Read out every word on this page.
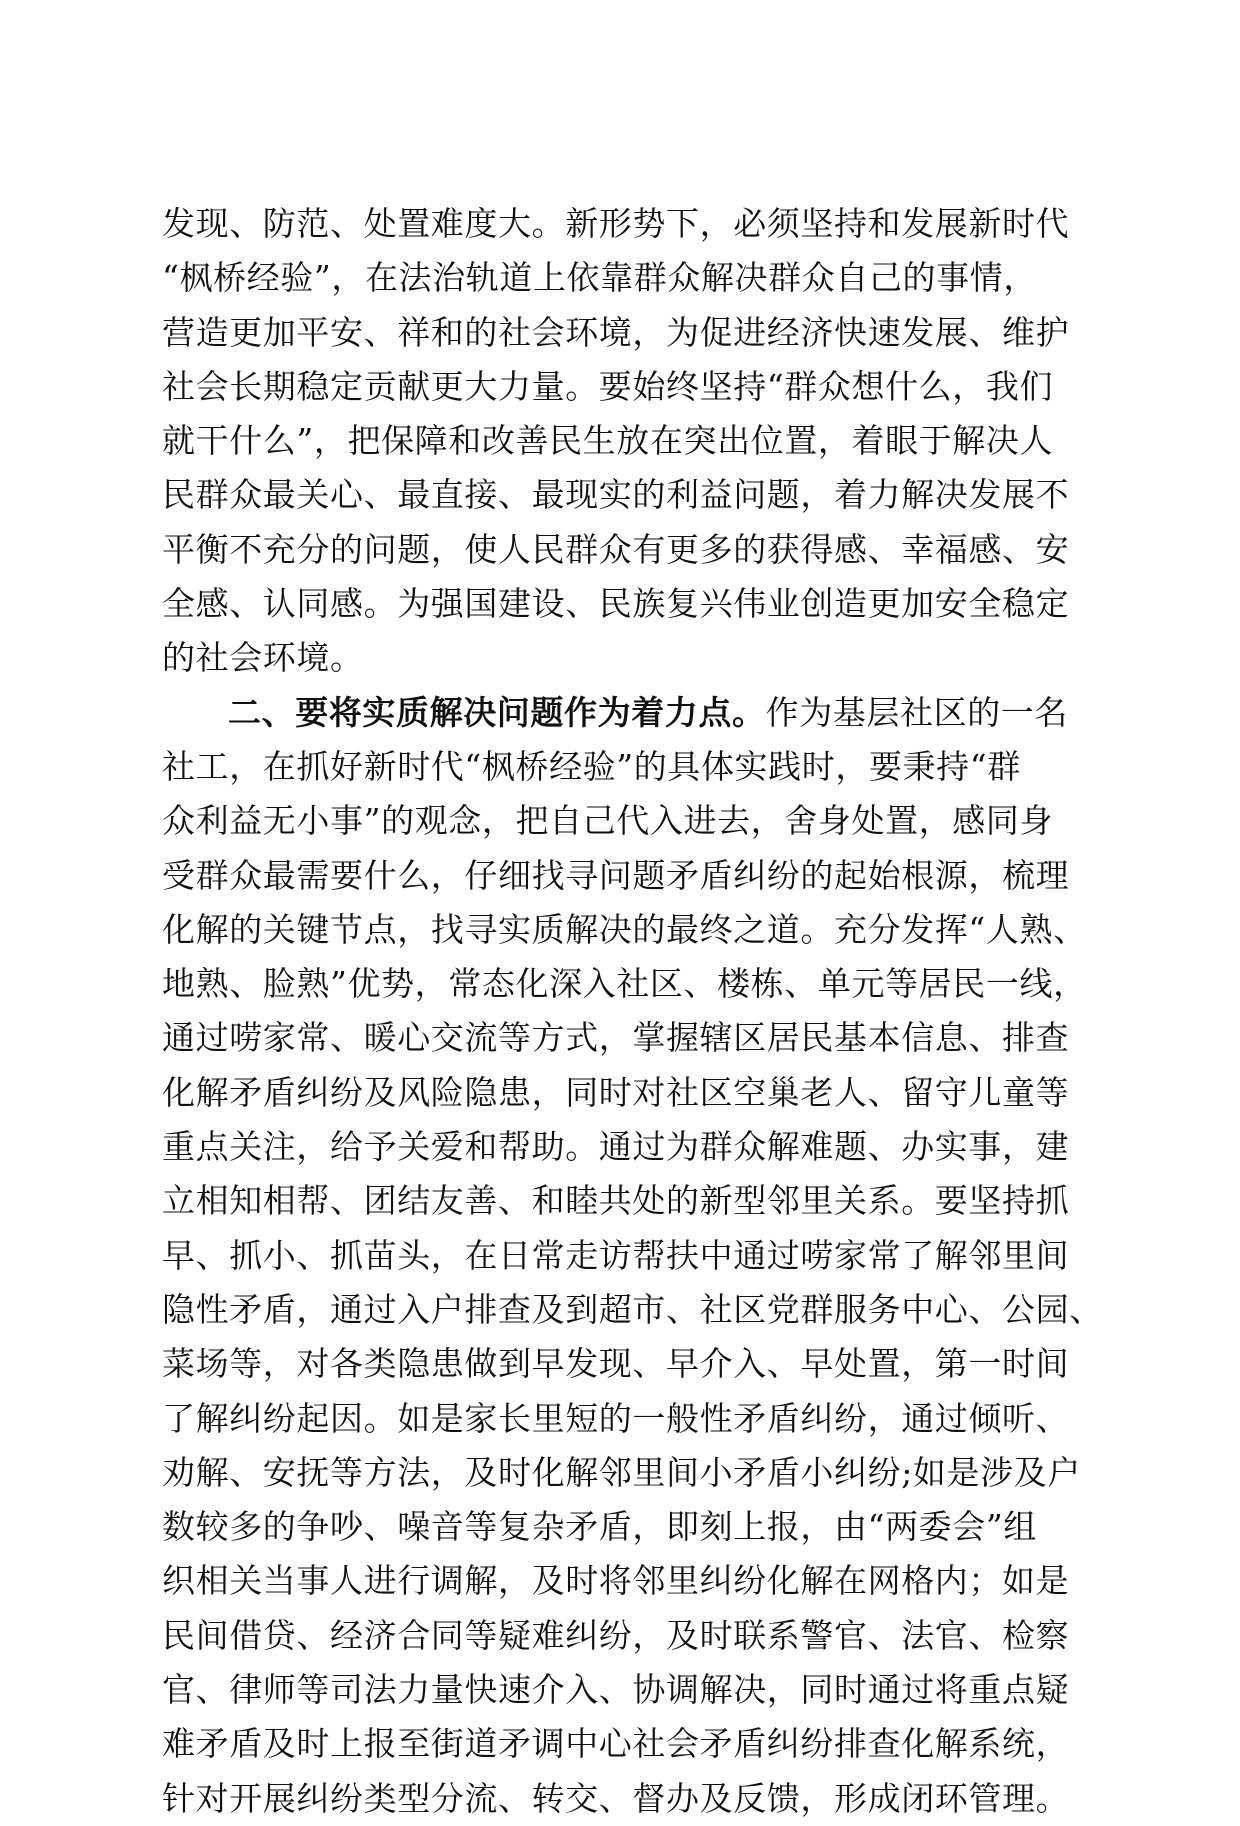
发现、防范、处置难度大。新形势下，必须坚持和发展新时代
“枫桥经验”，在法治轨道上依靠群众解决群众自己的事情，
营造更加平安、祥和的社会环境，为促进经济快速发展、维护
社会长期稳定贡献更大力量。要始终坚持“群众想什么，我们
就干什么”，把保障和改善民生放在突出位置，着眼于解决人
民群众最关心、最直接、最现实的利益问题，着力解决发展不
平衡不充分的问题，使人民群众有更多的获得感、幸福感、安
全感、认同感。为强国建设、民族复兴伟业创造更加安全稳定
的社会环境。
二、要将实质解决问题作为着力点。作为基层社区的一名
社工，在抓好新时代“枫桥经验”的具体实践时，要秉持“群
众利益无小事”的观念，把自己代入进去，舍身处置，感同身
受群众最需要什么，仔细找寻问题矛盾纠纷的起始根源，梳理
化解的关键节点，找寻实质解决的最终之道。充分发挥“人熟、
地熟、脸熟”优势，常态化深入社区、楼栋、单元等居民一线，
通过唠家常、暖心交流等方式，掌握辖区居民基本信息、排查
化解矛盾纠纷及风险隐患，同时对社区空巢老人、留守儿童等
重点关注，给予关爱和帮助。通过为群众解难题、办实事，建
立相知相帮、团结友善、和睦共处的新型邻里关系。要坚持抓
早、抓小、抓苗头，在日常走访帮扶中通过唠家常了解邻里间
隐性矛盾，通过入户排查及到超市、社区党群服务中心、公园、
菜场等，对各类隐患做到早发现、早介入、早处置，第一时间
了解纠纷起因。如是家长里短的一般性矛盾纠纷，通过倾听、
劝解、安抚等方法，及时化解邻里间小矛盾小纠纷;如是涉及户
数较多的争吵、噪音等复杂矛盾，即刻上报，由“两委会”组
织相关当事人进行调解，及时将邻里纠纷化解在网格内；如是
民间借贷、经济合同等疑难纠纷，及时联系警官、法官、检察
官、律师等司法力量快速介入、协调解决，同时通过将重点疑
难矛盾及时上报至街道矛调中心社会矛盾纠纷排查化解系统，
针对开展纠纷类型分流、转交、督办及反馈，形成闭环管理。
